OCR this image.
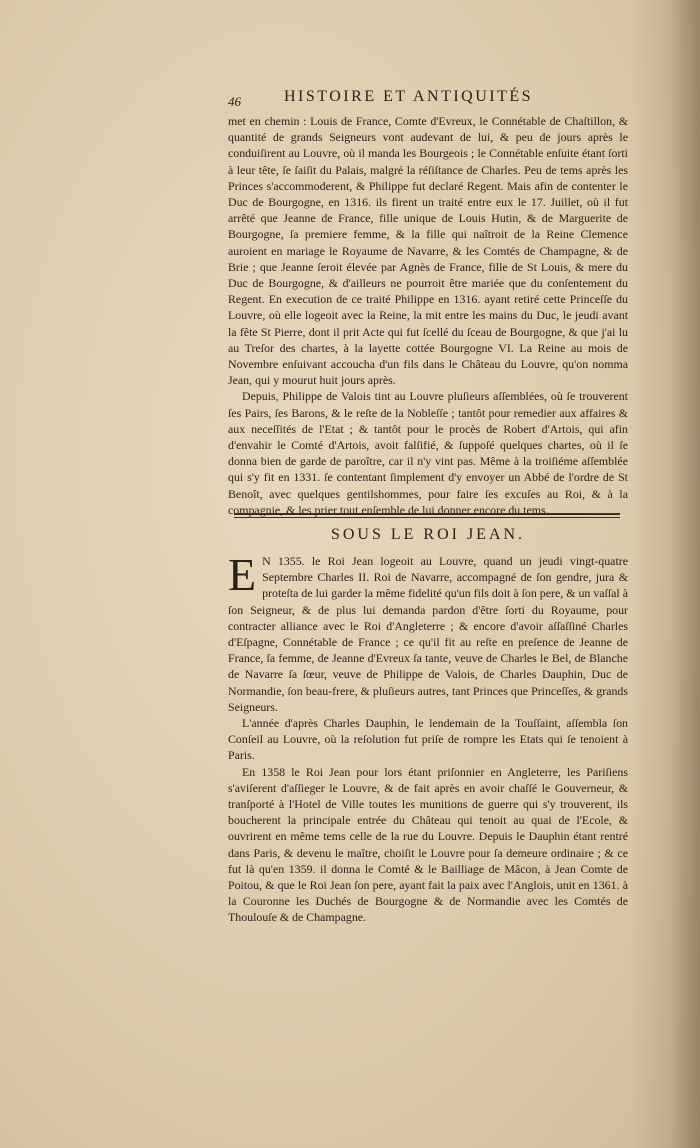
46	HISTOIRE ET ANTIQUITÉS

met en chemin : Louis de France, Comte d'Evreux, le Connétable de Chaſtillon, & quantité de grands Seigneurs vont audevant de lui, & peu de jours après le conduiſirent au Louvre, où il manda les Bourgeois ; le Connétable enſuite étant ſorti à leur tête, ſe ſaiſit du Palais, malgré la réſiſtance de Charles. Peu de tems après les Princes s'accommoderent, & Philippe fut declaré Regent. Mais afin de contenter le Duc de Bourgogne, en 1316. ils firent un traité entre eux le 17. Juillet, où il fut arrêté que Jeanne de France, fille unique de Louis Hutin, & de Marguerite de Bourgogne, ſa premiere femme, & la fille qui naîtroit de la Reine Clemence auroient en mariage le Royaume de Navarre, & les Comtés de Champagne, & de Brie ; que Jeanne ſeroit élevée par Agnès de France, fille de St Louis, & mere du Duc de Bourgogne, & d'ailleurs ne pourroit être mariée que du conſentement du Regent. En execution de ce traité Philippe en 1316. ayant retiré cette Princeſſe du Louvre, où elle logeoit avec la Reine, la mit entre les mains du Duc, le jeudi avant la fête St Pierre, dont il prit Acte qui fut ſcellé du ſceau de Bourgogne, & que j'ai lu au Treſor des chartes, à la layette cottée Bourgogne VI. La Reine au mois de Novembre enſuivant accoucha d'un fils dans le Château du Louvre, qu'on nomma Jean, qui y mourut huit jours après.

Depuis, Philippe de Valois tint au Louvre pluſieurs aſſemblées, où ſe trouverent ſes Pairs, ſes Barons, & le reſte de la Nobleſſe ; tantôt pour remedier aux affaires & aux neceſſités de l'Etat ; & tantôt pour le procès de Robert d'Artois, qui afin d'envahir le Comté d'Artois, avoit falſifié, & ſuppoſé quelques chartes, où il ſe donna bien de garde de paroître, car il n'y vint pas. Même à la troiſiéme aſſemblée qui s'y fit en 1331. ſe contentant ſimplement d'y envoyer un Abbé de l'ordre de St Benoît, avec quelques gentilshommes, pour faire ſes excuſes au Roi, & à la compagnie, & les prier tout enſemble de lui donner encore du tems.

SOUS LE ROI JEAN.

E N 1355. le Roi Jean logeoit au Louvre, quand un jeudi vingt-quatre Septembre Charles II. Roi de Navarre, accompagné de ſon gendre, jura & proteſta de lui garder la même fidelité qu'un fils doit à ſon pere, & un vaſſal à ſon Seigneur, & de plus lui demanda pardon d'être ſorti du Royaume, pour contracter alliance avec le Roi d'Angleterre ; & encore d'avoir aſſaſſiné Charles d'Eſpagne, Connétable de France ; ce qu'il fit au reſte en preſence de Jeanne de France, ſa femme, de Jeanne d'Evreux ſa tante, veuve de Charles le Bel, de Blanche de Navarre ſa ſœur, veuve de Philippe de Valois, de Charles Dauphin, Duc de Normandie, ſon beau-frere, & pluſieurs autres, tant Princes que Princeſſes, & grands Seigneurs.

L'année d'après Charles Dauphin, le lendemain de la Touſſaint, aſſembla ſon Conſeil au Louvre, où la reſolution fut priſe de rompre les Etats qui ſe tenoient à Paris.

En 1358 le Roi Jean pour lors étant priſonnier en Angleterre, les Pariſiens s'aviſerent d'aſſieger le Louvre, & de fait après en avoir chaſſé le Gouverneur, & tranſporté à l'Hotel de Ville toutes les munitions de guerre qui s'y trouverent, ils boucherent la principale entrée du Château qui tenoit au quai de l'Ecole, & ouvrirent en même tems celle de la rue du Louvre. Depuis le Dauphin étant rentré dans Paris, & devenu le maître, choiſit le Louvre pour ſa demeure ordinaire ; & ce fut là qu'en 1359. il donna le Comté & le Bailliage de Mâcon, à Jean Comte de Poitou, & que le Roi Jean ſon pere, ayant fait la paix avec l'Anglois, unit en 1361. à la Couronne les Duchés de Bourgogne & de Normandie avec les Comtés de Thoulouſe & de Champagne.
